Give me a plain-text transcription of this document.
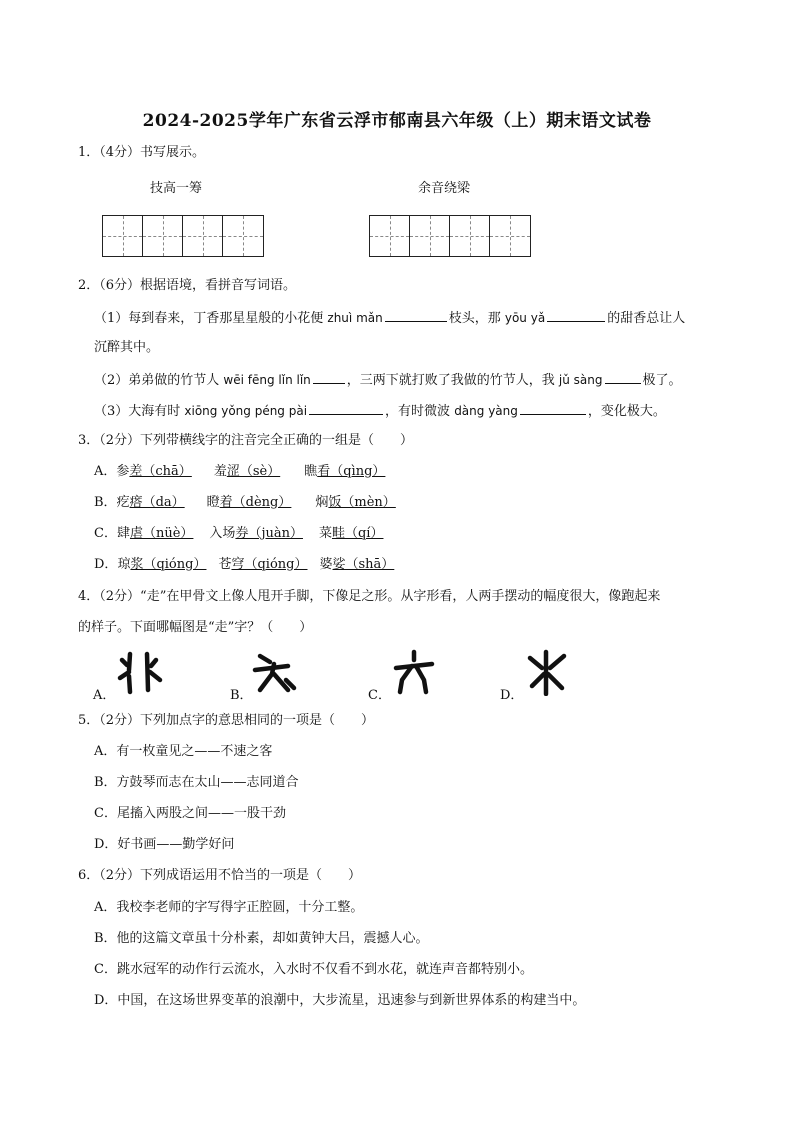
2024-2025学年广东省云浮市郁南县六年级（上）期末语文试卷
1．（4分）书写展示。
技高一筹	余音绕梁
2．（6分）根据语境，看拼音写词语。
（1）每到春来，丁香那星星般的小花便 zhuì mǎn	枝头，那 yōu yǎ	的甜香总让人
沉醉其中。
（2）弟弟做的竹节人 wēi fēng lǐn lǐn	，三两下就打败了我做的竹节人，我 jǔ sàng	极了。
（3）大海有时 xiōng yǒng péng pài	，有时微波 dàng yàng	，变化极大。
3．（2分）下列带横线字的注音完全正确的一组是（　　）
A．参差（chā） 羞涩（sè） 瞧看（qìng）
B．疙瘩（da） 瞪着（dèng） 焖饭（mèn）
C．肆虐（nüè） 入场券（juàn） 菜畦（qí）
D．琼浆（qióng） 苍穹（qióng） 婆娑（shā）
4．（2分）“走”在甲骨文上像人甩开手脚，下像足之形。从字形看，人两手摆动的幅度很大，像跑起来
的样子。下面哪幅图是“走”字？（　　）
A．	B．	C．	D．
5．（2分）下列加点字的意思相同的一项是（　　）
A．有一枚童见之——不速之客
B．方鼓琴而志在太山——志同道合
C．尾搐入两股之间——一股干劲
D．好书画——勤学好问
6．（2分）下列成语运用不恰当的一项是（　　）
A．我校李老师的字写得字正腔圆，十分工整。
B．他的这篇文章虽十分朴素，却如黄钟大吕，震撼人心。
C．跳水冠军的动作行云流水，入水时不仅看不到水花，就连声音都特别小。
D．中国，在这场世界变革的浪潮中，大步流星，迅速参与到新世界体系的构建当中。
